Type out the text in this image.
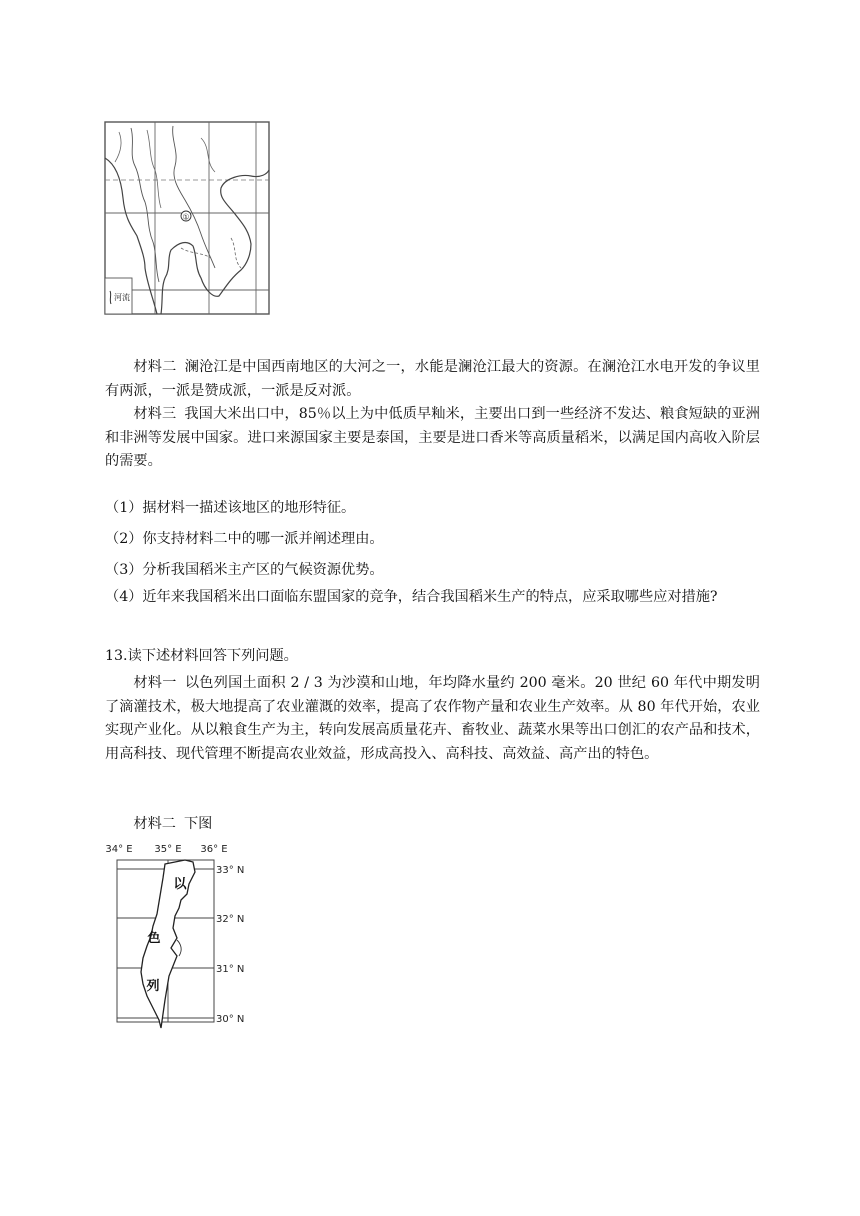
①
河流

材料二 澜沧江是中国西南地区的大河之一，水能是澜沧江最大的资源。在澜沧江水电开发的争议里有两派，一派是赞成派，一派是反对派。

材料三 我国大米出口中，85％以上为中低质早籼米，主要出口到一些经济不发达、粮食短缺的亚洲和非洲等发展中国家。进口来源国家主要是泰国，主要是进口香米等高质量稻米，以满足国内高收入阶层的需要。

（1）据材料一描述该地区的地形特征。
（2）你支持材料二中的哪一派并阐述理由。
（3）分析我国稻米主产区的气候资源优势。
（4）近年来我国稻米出口面临东盟国家的竞争，结合我国稻米生产的特点，应采取哪些应对措施?
13.读下述材料回答下列问题。

材料一 以色列国土面积 2 / 3 为沙漠和山地，年均降水量约 200 毫米。20 世纪 60 年代中期发明了滴灌技术，极大地提高了农业灌溉的效率，提高了农作物产量和农业生产效率。从 80 年代开始，农业实现产业化。从以粮食生产为主，转向发展高质量花卉、畜牧业、蔬菜水果等出口创汇的农产品和技术，用高科技、现代管理不断提高农业效益，形成高投入、高科技、高效益、高产出的特色。

材料二 下图

34° E 35° E 36° E
33° N
32° N
31° N
30° N
以
色
列
